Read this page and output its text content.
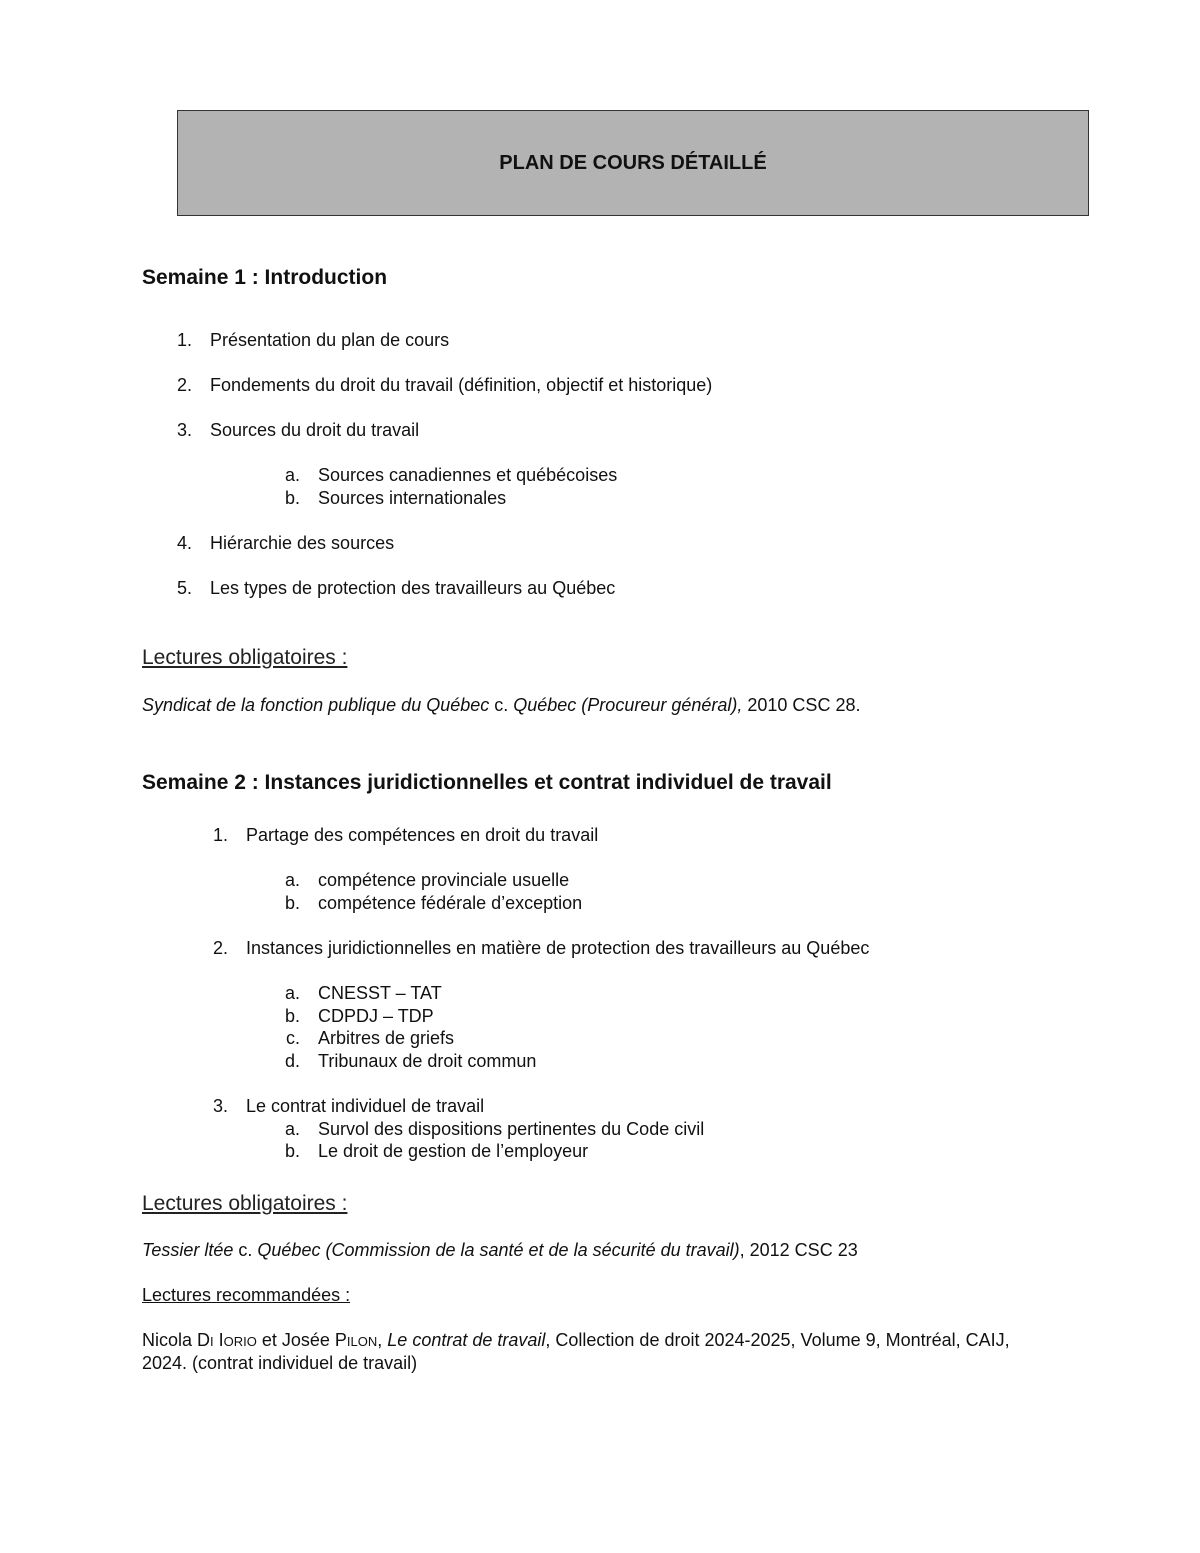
PLAN DE COURS DÉTAILLÉ
Semaine 1 : Introduction
1. Présentation du plan de cours
2. Fondements du droit du travail (définition, objectif et historique)
3. Sources du droit du travail
a. Sources canadiennes et québécoises
b. Sources internationales
4. Hiérarchie des sources
5. Les types de protection des travailleurs au Québec
Lectures obligatoires :
Syndicat de la fonction publique du Québec c. Québec (Procureur général), 2010 CSC 28.
Semaine 2 : Instances juridictionnelles et contrat individuel de travail
1. Partage des compétences en droit du travail
a. compétence provinciale usuelle
b. compétence fédérale d’exception
2. Instances juridictionnelles en matière de protection des travailleurs au Québec
a. CNESST – TAT
b. CDPDJ – TDP
c. Arbitres de griefs
d. Tribunaux de droit commun
3. Le contrat individuel de travail
a. Survol des dispositions pertinentes du Code civil
b. Le droit de gestion de l’employeur
Lectures obligatoires :
Tessier ltée c. Québec (Commission de la santé et de la sécurité du travail), 2012 CSC 23
Lectures recommandées :
Nicola Di Iorio et Josée Pilon, Le contrat de travail, Collection de droit 2024-2025, Volume 9, Montréal, CAIJ,
2024. (contrat individuel de travail)
